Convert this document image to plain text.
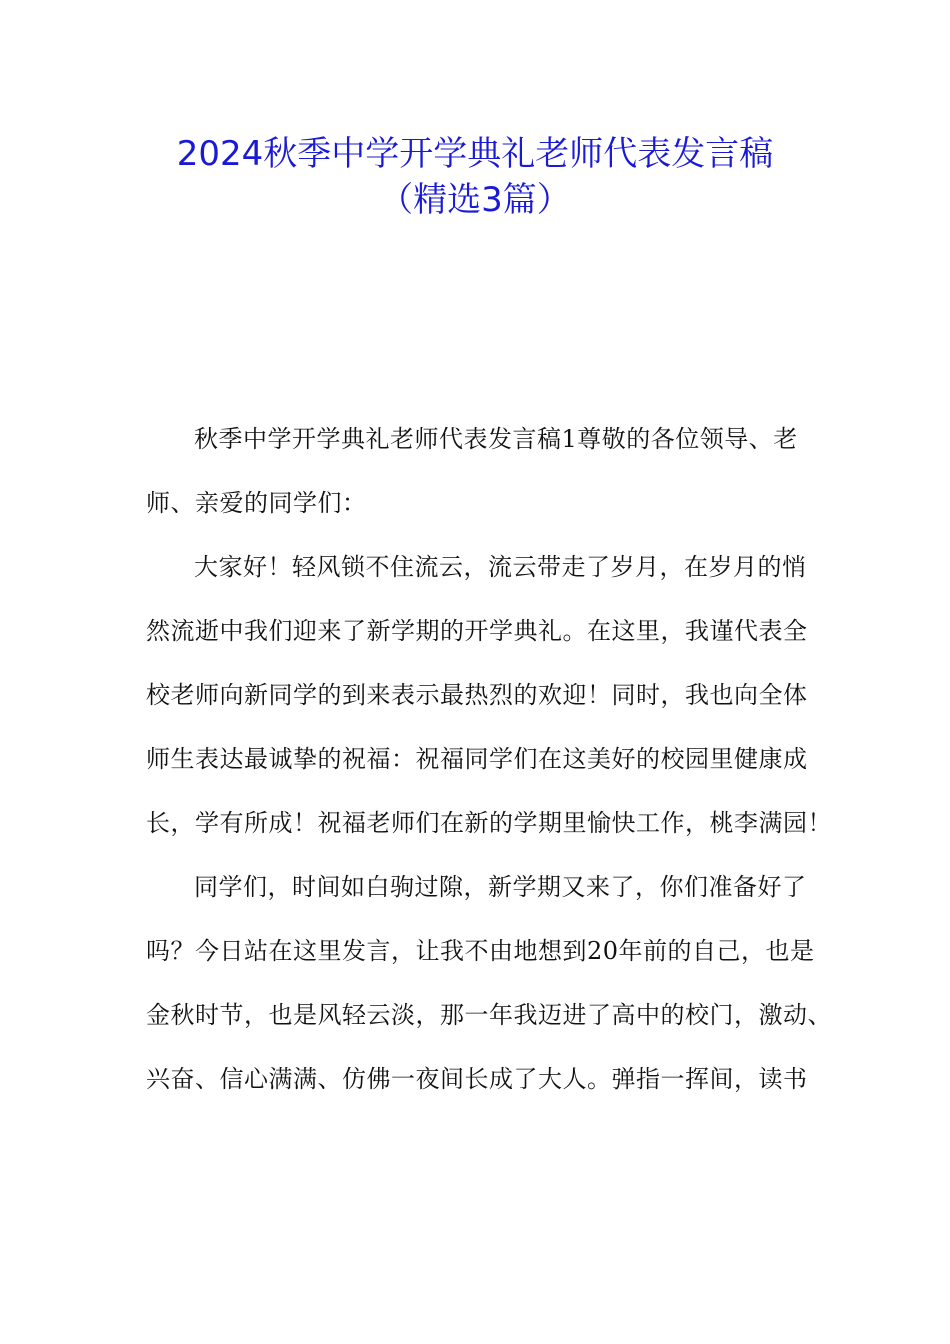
2024秋季中学开学典礼老师代表发言稿
（精选3篇）
秋季中学开学典礼老师代表发言稿1尊敬的各位领导、老
师、亲爱的同学们：
大家好！轻风锁不住流云，流云带走了岁月，在岁月的悄
然流逝中我们迎来了新学期的开学典礼。在这里，我谨代表全
校老师向新同学的到来表示最热烈的欢迎！同时，我也向全体
师生表达最诚挚的祝福：祝福同学们在这美好的校园里健康成
长，学有所成！祝福老师们在新的学期里愉快工作，桃李满园！
同学们，时间如白驹过隙，新学期又来了，你们准备好了
吗？今日站在这里发言，让我不由地想到20年前的自己，也是
金秋时节，也是风轻云淡，那一年我迈进了高中的校门，激动、
兴奋、信心满满、仿佛一夜间长成了大人。弹指一挥间，读书
